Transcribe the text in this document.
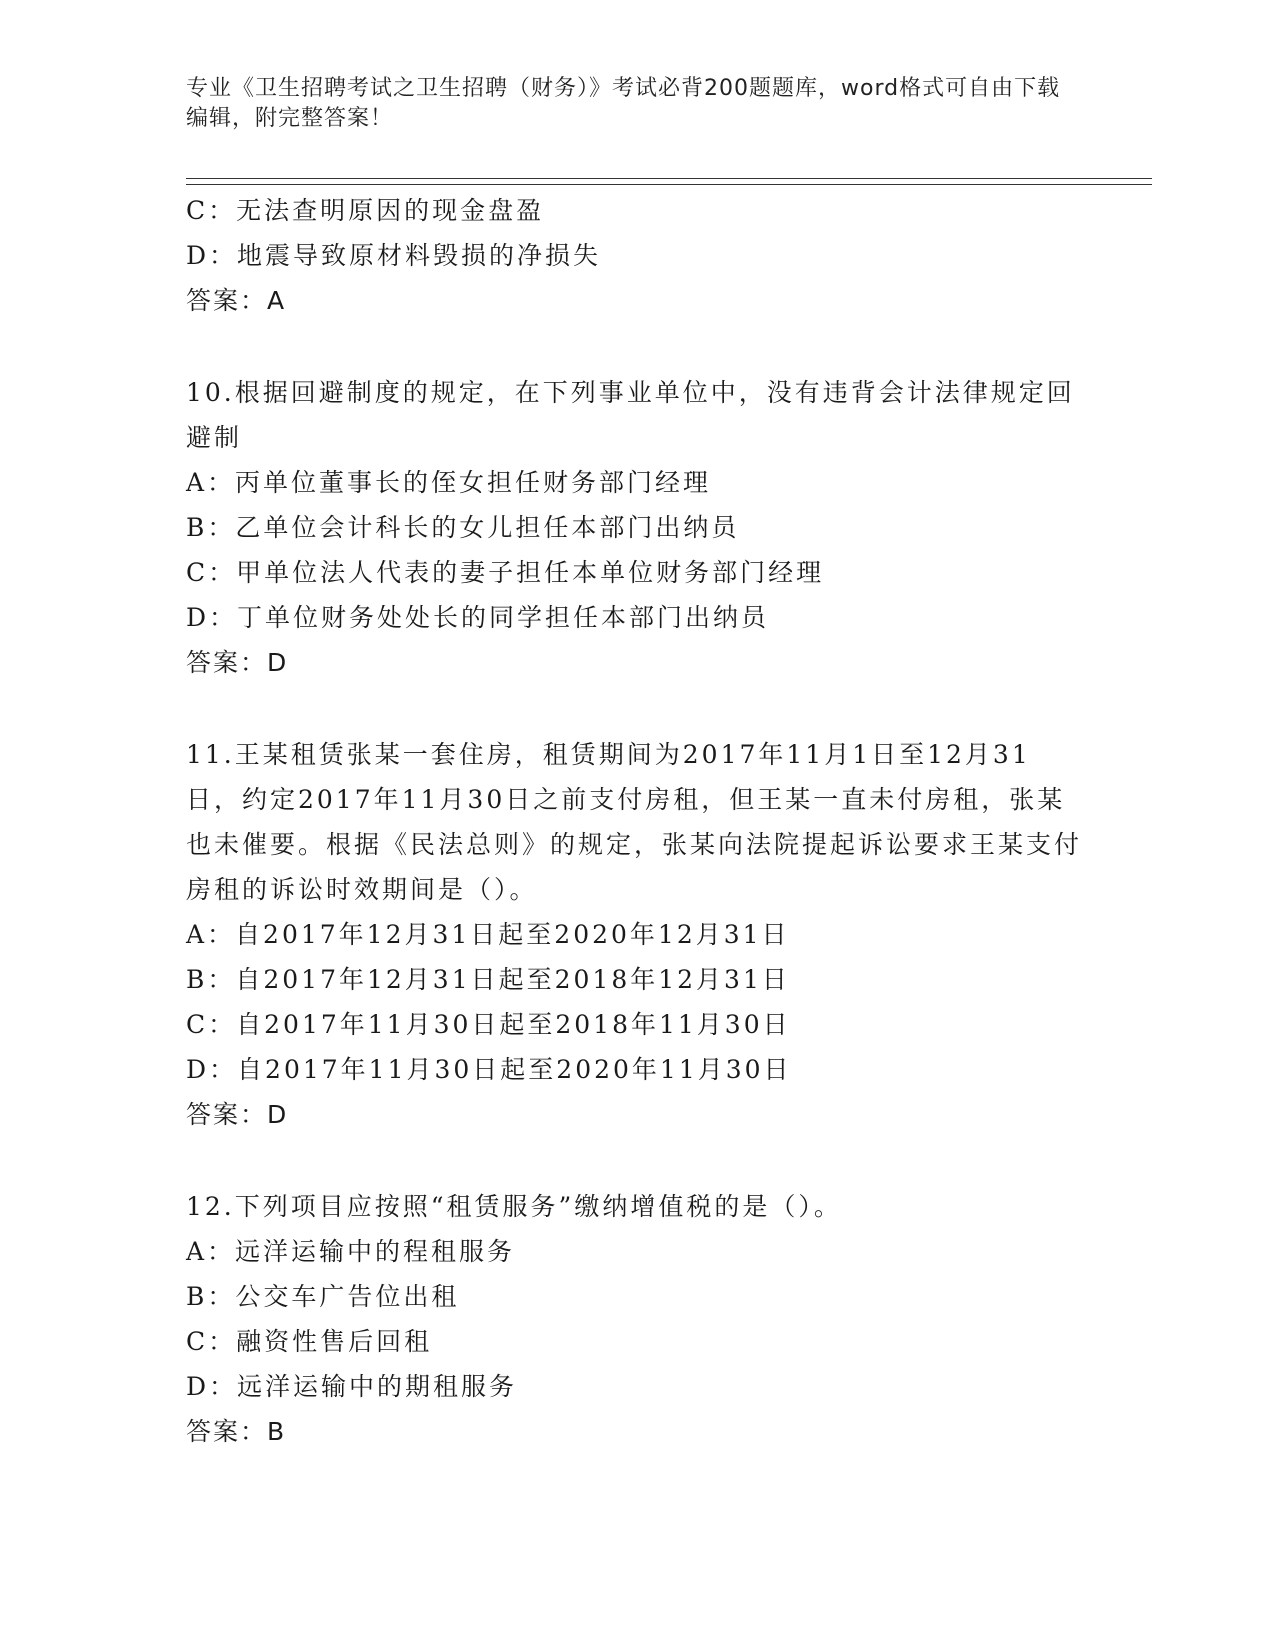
专业《卫生招聘考试之卫生招聘（财务）》考试必背200题题库，word格式可自由下载编辑，附完整答案！
C：无法查明原因的现金盘盈
D：地震导致原材料毁损的净损失
答案：A
10.根据回避制度的规定，在下列事业单位中，没有违背会计法律规定回避制
A：丙单位董事长的侄女担任财务部门经理
B：乙单位会计科长的女儿担任本部门出纳员
C：甲单位法人代表的妻子担任本单位财务部门经理
D：丁单位财务处处长的同学担任本部门出纳员
答案：D
11.王某租赁张某一套住房，租赁期间为2017年11月1日至12月31日，约定2017年11月30日之前支付房租，但王某一直未付房租，张某也未催要。根据《民法总则》的规定，张某向法院提起诉讼要求王某支付房租的诉讼时效期间是（）。
A：自2017年12月31日起至2020年12月31日
B：自2017年12月31日起至2018年12月31日
C：自2017年11月30日起至2018年11月30日
D：自2017年11月30日起至2020年11月30日
答案：D
12.下列项目应按照“租赁服务”缴纳增值税的是（）。
A：远洋运输中的程租服务
B：公交车广告位出租
C：融资性售后回租
D：远洋运输中的期租服务
答案：B
